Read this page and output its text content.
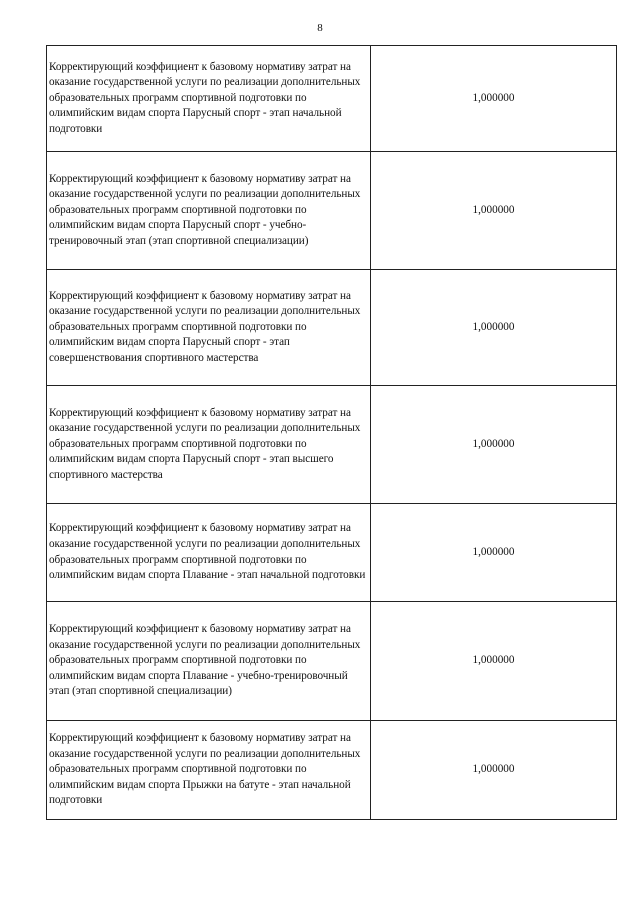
8
Корректирующий коэффициент к базовому нормативу затрат на оказание государственной услуги по реализации дополнительных образовательных программ спортивной подготовки по олимпийским видам спорта Парусный спорт - этап начальной подготовки	1,000000

Корректирующий коэффициент к базовому нормативу затрат на оказание государственной услуги по реализации дополнительных образовательных программ спортивной подготовки по олимпийским видам спорта Парусный спорт - учебно-тренировочный этап (этап спортивной специализации)	1,000000

Корректирующий коэффициент к базовому нормативу затрат на оказание государственной услуги по реализации дополнительных образовательных программ спортивной подготовки по олимпийским видам спорта Парусный спорт - этап совершенствования спортивного мастерства	1,000000

Корректирующий коэффициент к базовому нормативу затрат на оказание государственной услуги по реализации дополнительных образовательных программ спортивной подготовки по олимпийским видам спорта Парусный спорт - этап высшего спортивного мастерства	1,000000

Корректирующий коэффициент к базовому нормативу затрат на оказание государственной услуги по реализации дополнительных образовательных программ спортивной подготовки по олимпийским видам спорта Плавание - этап начальной подготовки	1,000000

Корректирующий коэффициент к базовому нормативу затрат на оказание государственной услуги по реализации дополнительных образовательных программ спортивной подготовки по олимпийским видам спорта Плавание - учебно-тренировочный этап (этап спортивной специализации)	1,000000

Корректирующий коэффициент к базовому нормативу затрат на оказание государственной услуги по реализации дополнительных образовательных программ спортивной подготовки по олимпийским видам спорта Прыжки на батуте - этап начальной подготовки	1,000000
